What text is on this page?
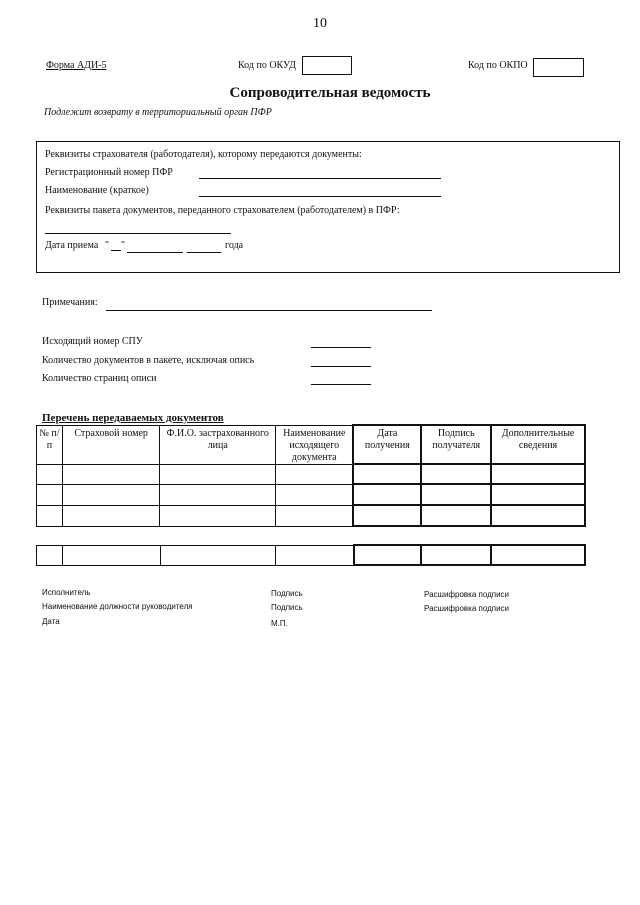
10
Форма АДИ-5	Код по ОКУД	Код по ОКПО
Сопроводительная ведомость
Подлежит возврату в территориальный орган ПФР
Реквизиты страхователя (работодателя), которому передаются документы:
Регистрационный номер ПФР
Наименование (краткое)
Реквизиты пакета документов, переданного страхователем (работодателем) в ПФР:
Дата приема " "	года
Примечания:
Исходящий номер СПУ
Количество документов в пакете, исключая опись
Количество страниц описи
Перечень передаваемых документов
№ п/п	Страховой номер	Ф.И.О. застрахованного лица	Наименование исходящего документа	Дата получения	Подпись получателя	Дополнительные сведения

Исполнитель
Наименование должности руководителя
Дата
Подпись
Подпись
М.П.
Расшифровка подписи
Расшифровка подписи
